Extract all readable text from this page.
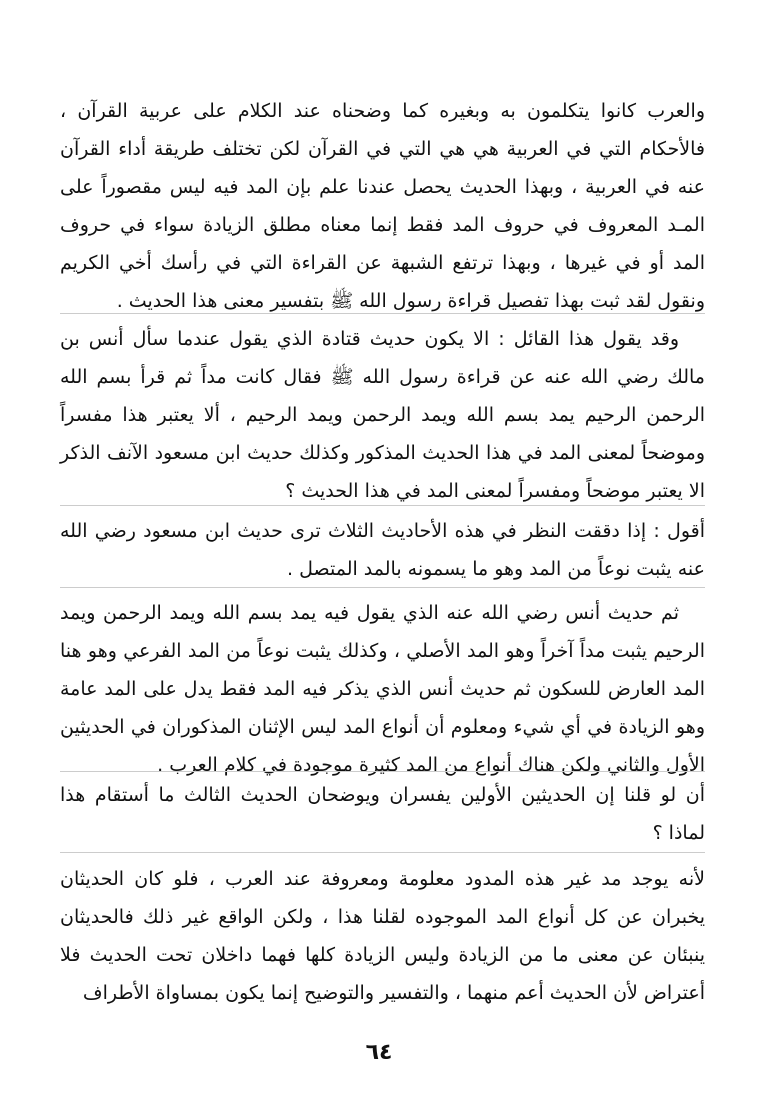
والعرب كانوا يتكلمون به وبغيره كما وضحناه عند الكلام على عربية القرآن ، فالأحكام التي في العربية هي هي التي في القرآن لكن تختلف طريقة أداء القرآن عنه في العربية ، وبهذا الحديث يحصل عندنا علم بإن المد فيه ليس مقصوراً على المـد المعروف في حروف المد فقط إنما معناه مطلق الزيادة سواء في حروف المد أو في غيرها ، وبهذا ترتفع الشبهة عن القراءة التي في رأسك أخي الكريم ونقول لقد ثبت بهذا تفصيل قراءة رسول الله ﷺ بتفسير معنى هذا الحديث .

وقد يقول هذا القائل : الا يكون حديث قتادة الذي يقول عندما سأل أنس بن مالك رضي الله عنه عن قراءة رسول الله ﷺ فقال كانت مداً ثم قرأ بسم الله الرحمن الرحيم يمد بسم الله ويمد الرحمن ويمد الرحيم ، ألا يعتبر هذا مفسراً وموضحاً لمعنى المد في هذا الحديث المذكور وكذلك حديث ابن مسعود الآنف الذكر الا يعتبر موضحاً ومفسراً لمعنى المد في هذا الحديث ؟

أقول : إذا دققت النظر في هذه الأحاديث الثلاث ترى حديث ابن مسعود رضي الله عنه يثبت نوعاً من المد وهو ما يسمونه بالمد المتصل .

ثم حديث أنس رضي الله عنه الذي يقول فيه يمد بسم الله ويمد الرحمن ويمد الرحيم يثبت مداً آخراً وهو المد الأصلي ، وكذلك يثبت نوعاً من المد الفرعي وهو هنا المد العارض للسكون ثم حديث أنس الذي يذكر فيه المد فقط يدل على المد عامة وهو الزيادة في أي شيء ومعلوم أن أنواع المد ليس الإثنان المذكوران في الحديثين الأول والثاني ولكن هناك أنواع من المد كثيرة موجودة في كلام العرب .

أن لو قلنا إن الحديثين الأولين يفسران ويوضحان الحديث الثالث ما أستقام هذا لماذا ؟

لأنه يوجد مد غير هذه المدود معلومة ومعروفة عند العرب ، فلو كان الحديثان يخبران عن كل أنواع المد الموجوده لقلنا هذا ، ولكن الواقع غير ذلك فالحديثان ينبئان عن معنى ما من الزيادة وليس الزيادة كلها فهما داخلان تحت الحديث فلا أعتراض لأن الحديث أعم منهما ، والتفسير والتوضيح إنما يكون بمساواة الأطراف

٦٤
